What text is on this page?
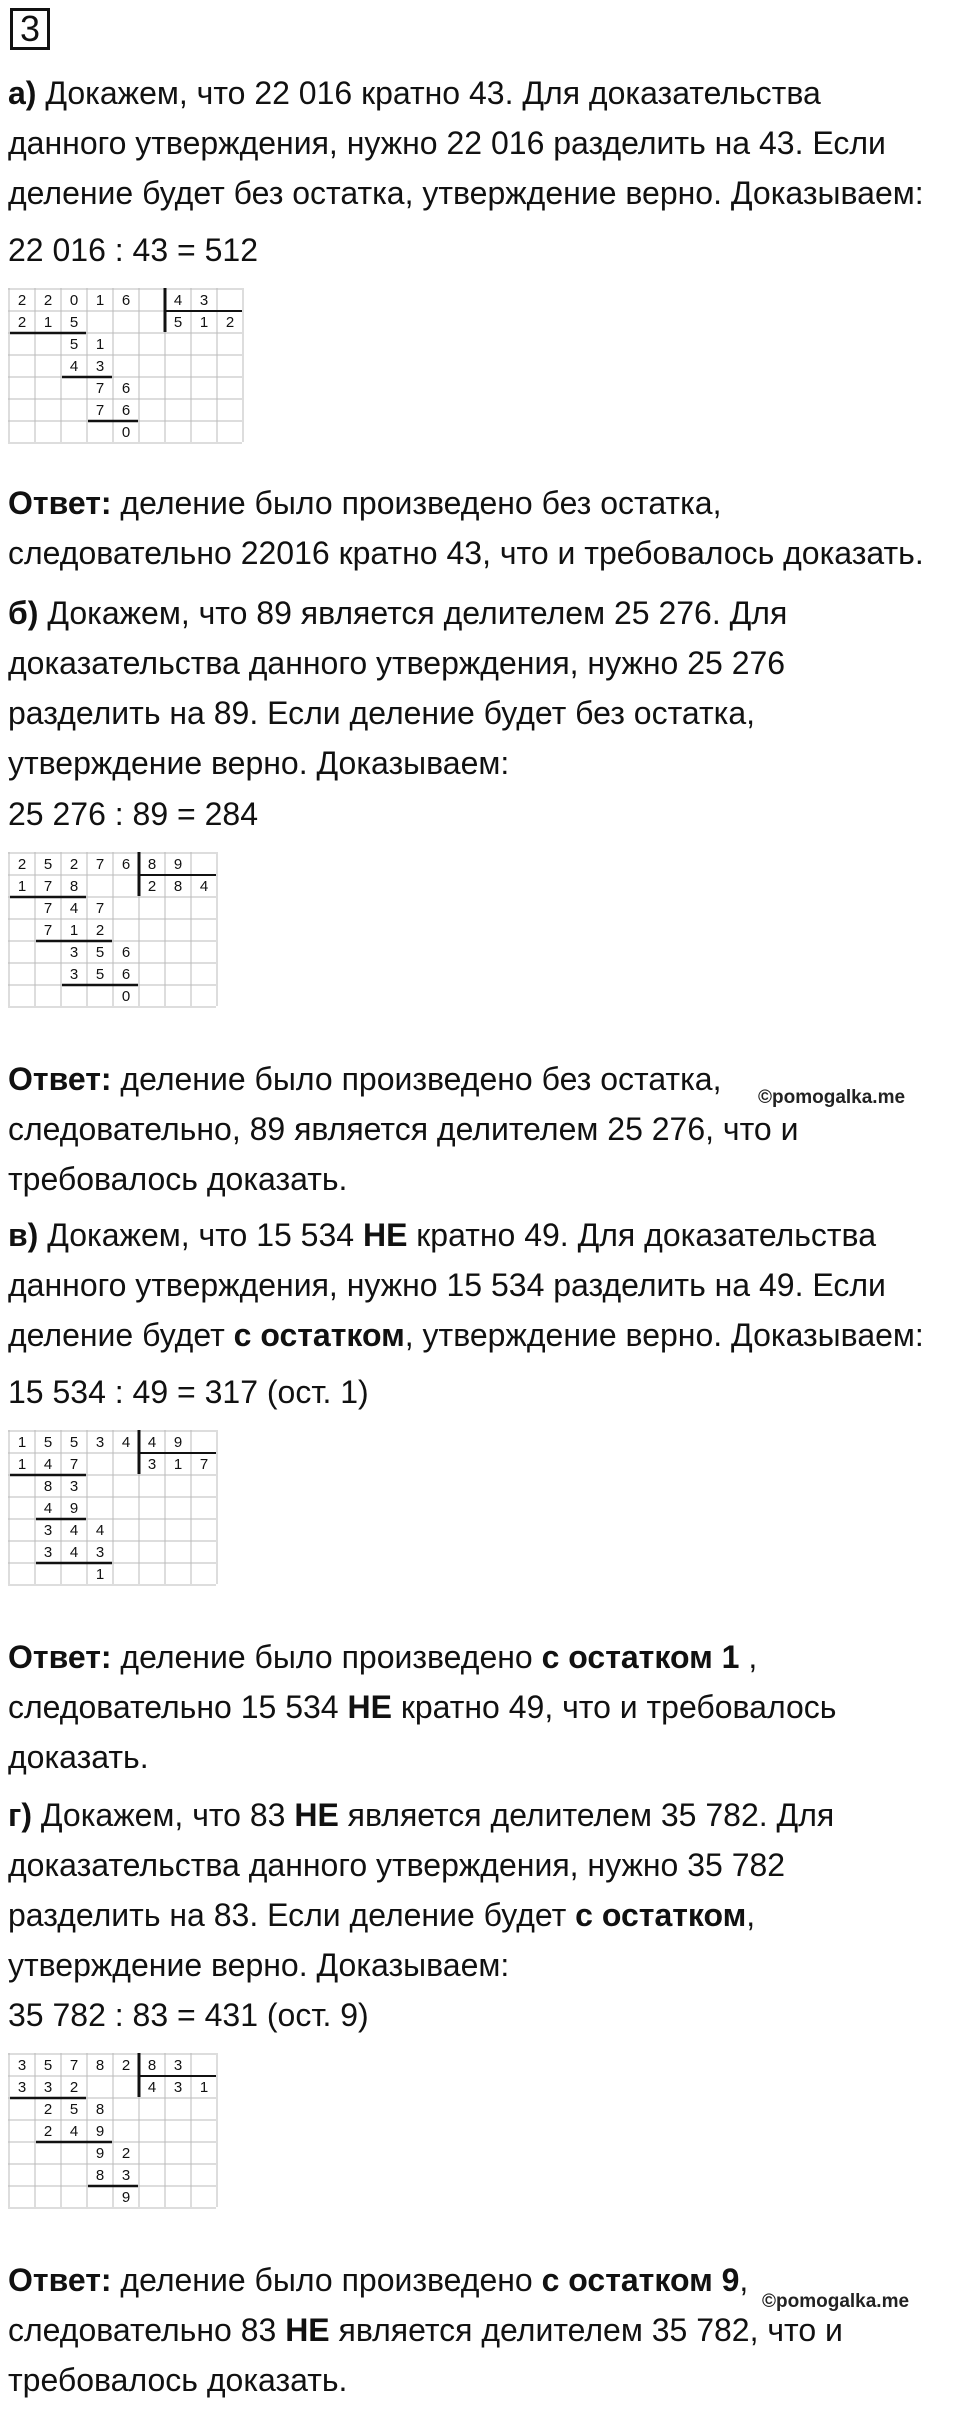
3
а) Докажем, что 22 016 кратно 43. Для доказательства
данного утверждения, нужно 22 016 разделить на 43. Если
деление будет без остатка, утверждение верно. Доказываем:
22 016 : 43 = 512
2 2 0 1 6	4 3
2 1 5	5 1 2
5 1
4 3
7 6
7 6
0
Ответ: деление было произведено без остатка,
следовательно 22016 кратно 43, что и требовалось доказать.
б) Докажем, что 89 является делителем 25 276. Для
доказательства данного утверждения, нужно 25 276
разделить на 89. Если деление будет без остатка,
утверждение верно. Доказываем:
25 276 : 89 = 284
2 5 2 7 6 8 9
1 7 8	2 8 4
7 4 7
7 1 2
3 5 6
3 5 6
0
Ответ: деление было произведено без остатка,
следовательно, 89 является делителем 25 276, что и
требовалось доказать.
в) Докажем, что 15 534 НЕ кратно 49. Для доказательства
данного утверждения, нужно 15 534 разделить на 49. Если
деление будет с остатком, утверждение верно. Доказываем:
15 534 : 49 = 317 (ост. 1)
1 5 5 3 4 4 9
1 4 7	3 1 7
8 3
4 9
3 4 4
3 4 3
1
Ответ: деление было произведено с остатком 1 ,
следовательно 15 534 НЕ кратно 49, что и требовалось
доказать.
г) Докажем, что 83 НЕ является делителем 35 782. Для
доказательства данного утверждения, нужно 35 782
разделить на 83. Если деление будет с остатком,
утверждение верно. Доказываем:
35 782 : 83 = 431 (ост. 9)
3 5 7 8 2 8 3
3 3 2	4 3 1
2 5 8
2 4 9
9 2
8 3
9
Ответ: деление было произведено с остатком 9,
следовательно 83 НЕ является делителем 35 782, что и
требовалось доказать.
©pomogalka.me
©pomogalka.me
